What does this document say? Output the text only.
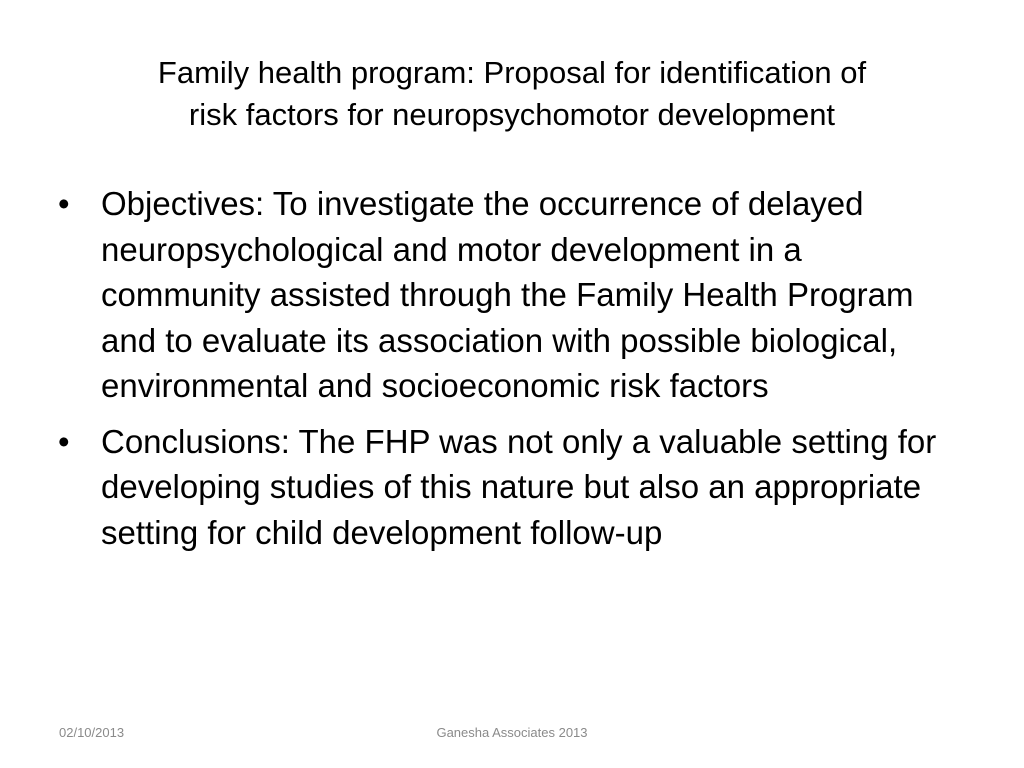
Family health program: Proposal for identification of
risk factors for neuropsychomotor development
• Objectives: To investigate the occurrence of delayed neuropsychological and motor development in a community assisted through the Family Health Program and to evaluate its association with possible biological, environmental and socioeconomic risk factors
• Conclusions: The FHP was not only a valuable setting for developing studies of this nature but also an appropriate setting for child development follow-up
02/10/2013	Ganesha Associates 2013
